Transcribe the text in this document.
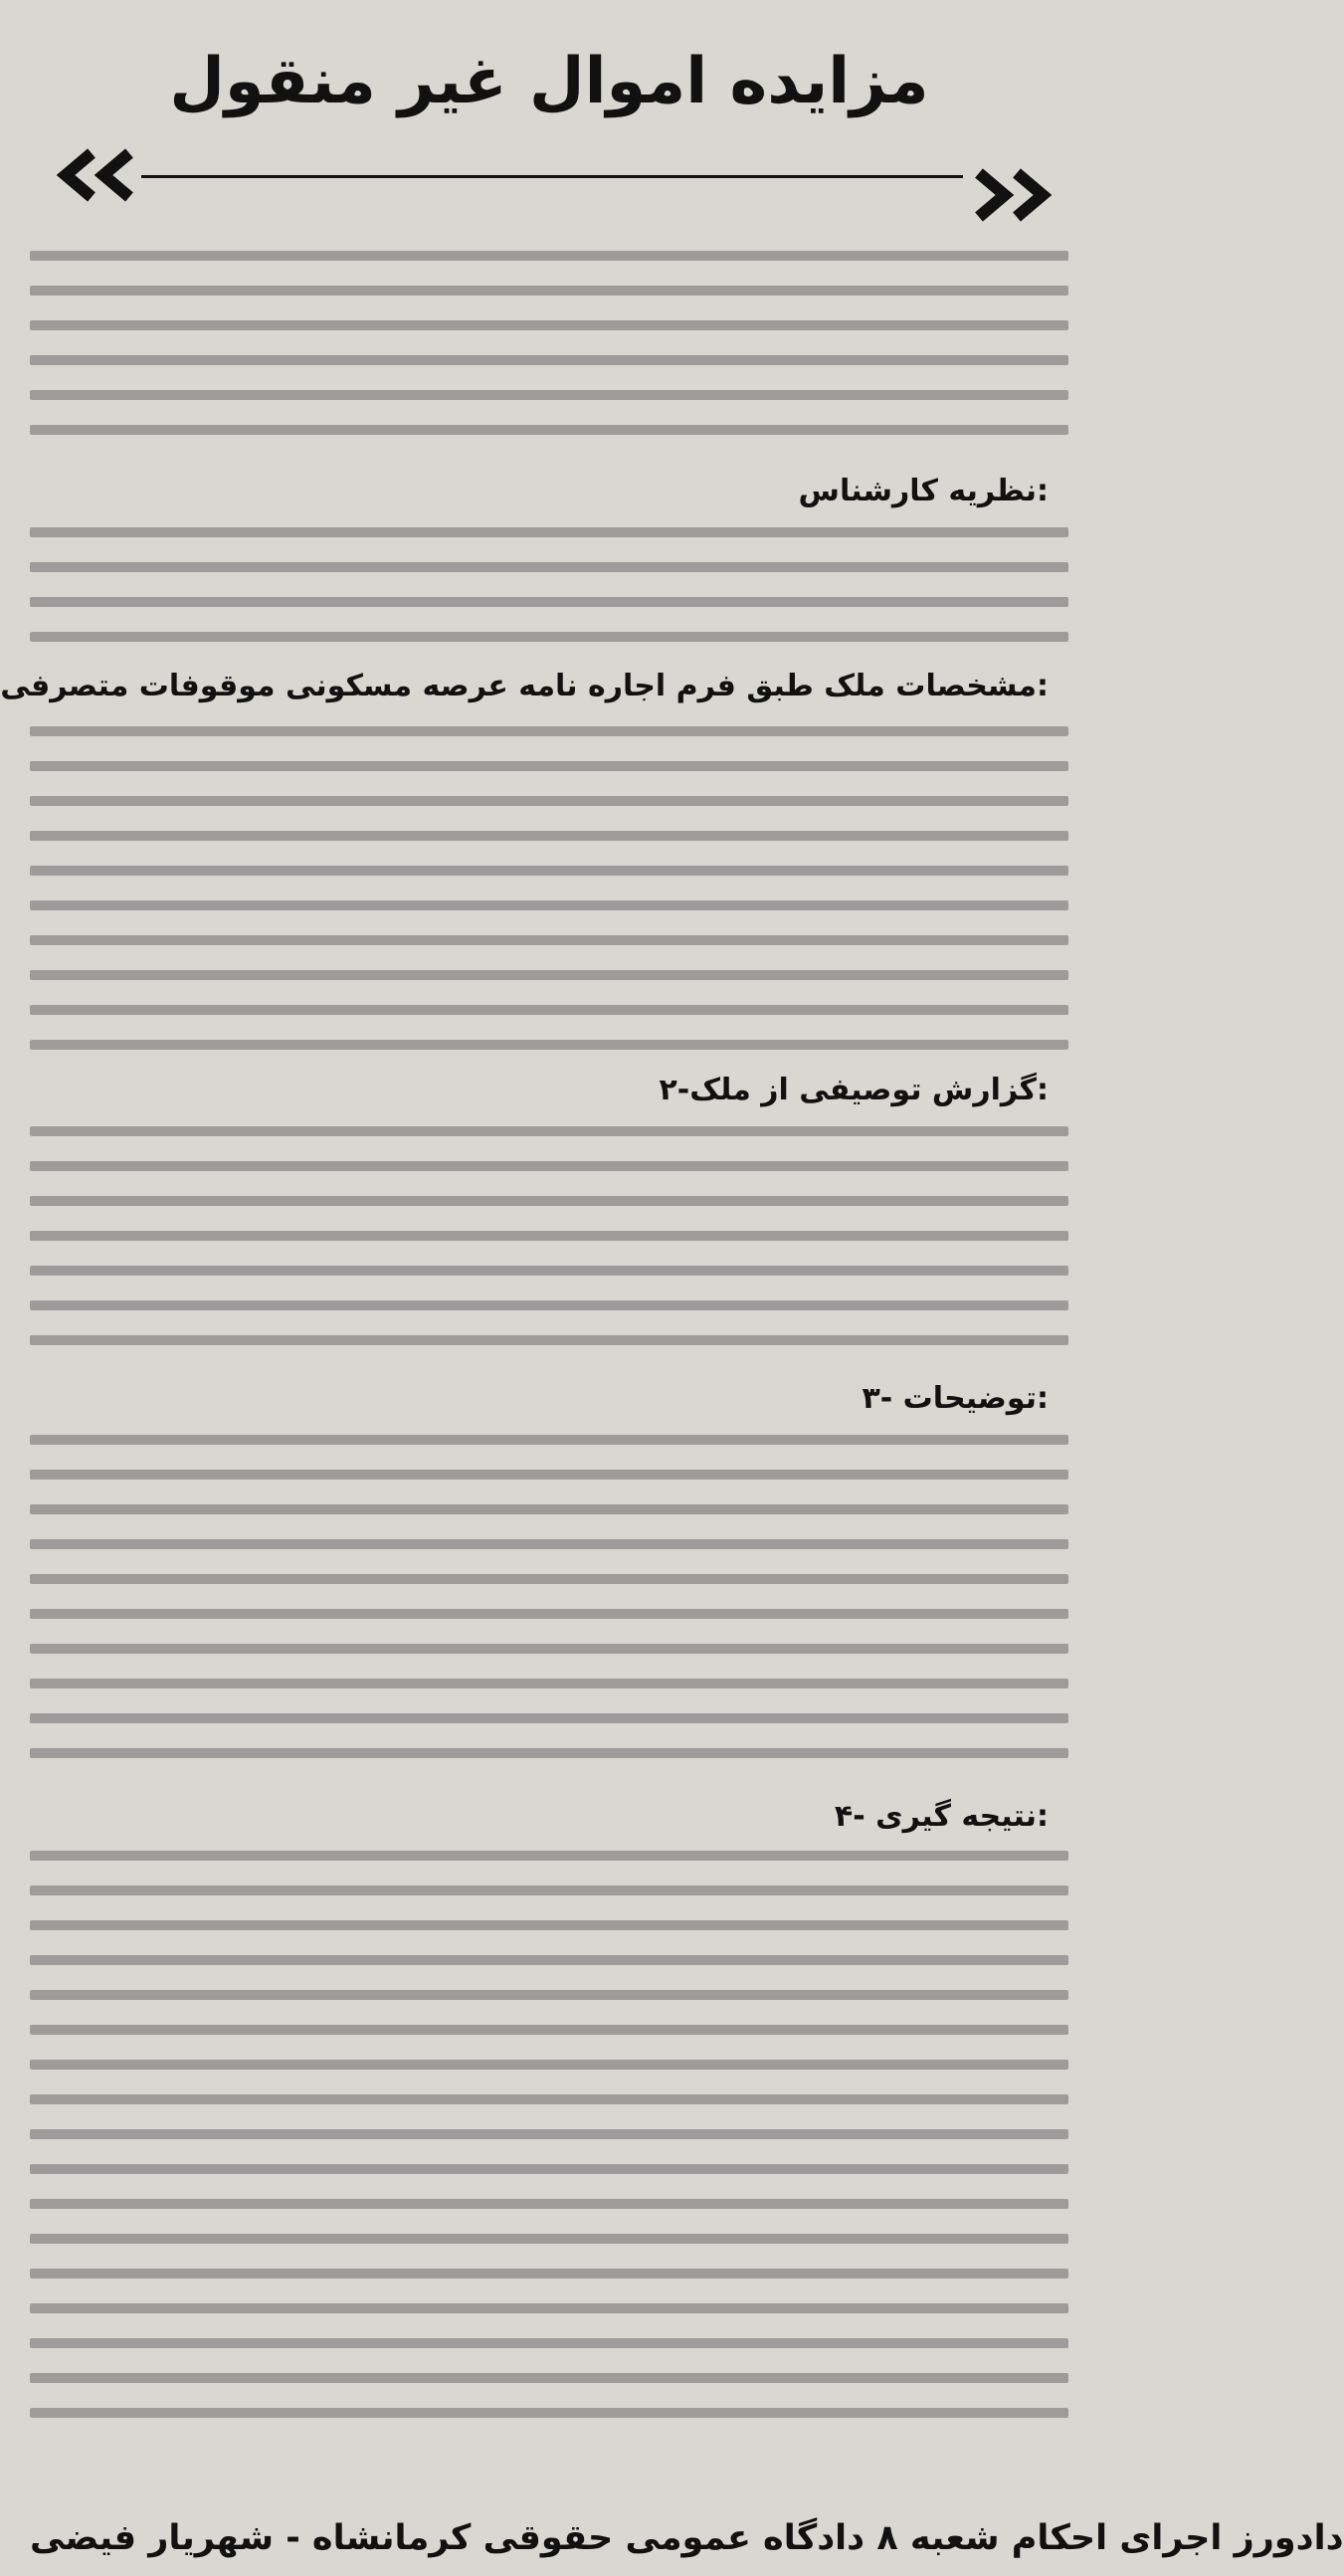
مزایده اموال غیر منقول
نظریه کارشناس:
مشخصات ملک طبق فرم اجاره نامه عرصه مسکونی موقوفات متصرفی:
۲-گزارش توصیفی از ملک:
۳- توضیحات:
۴- نتیجه گیری:
دادورز اجرای احکام شعبه ۸ دادگاه عمومی حقوقی کرمانشاه - شهریار فیضی
